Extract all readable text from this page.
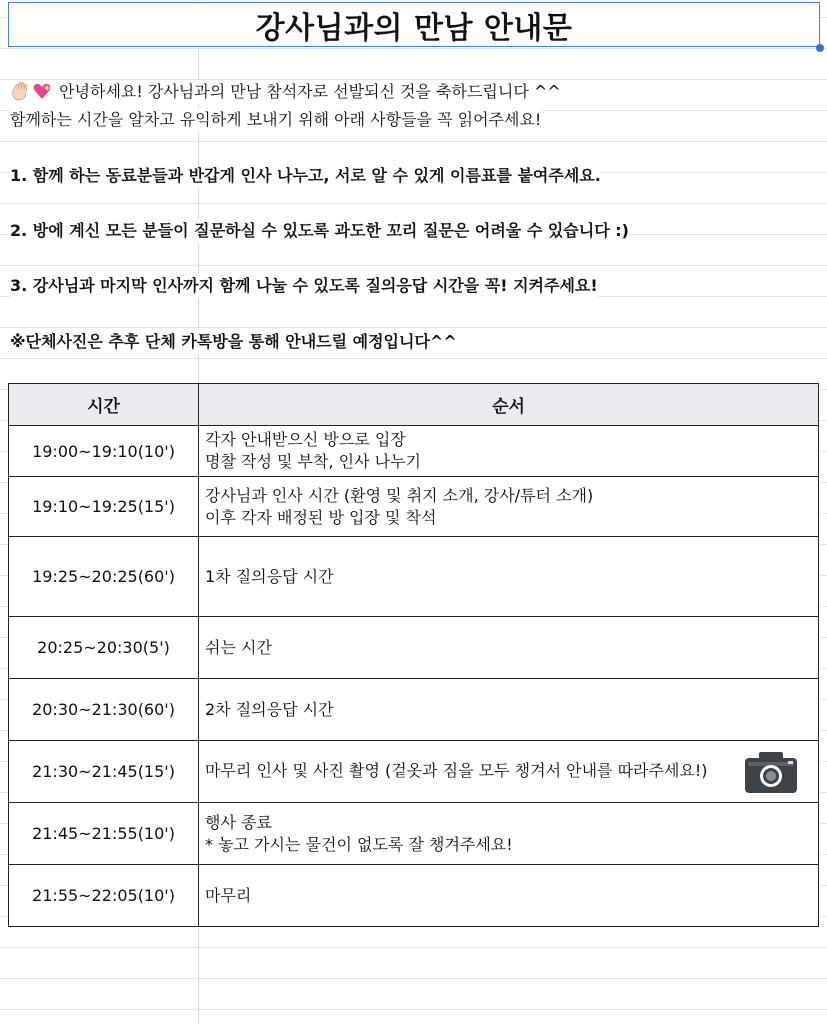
강사님과의 만남 안내문
안녕하세요! 강사님과의 만남 참석자로 선발되신 것을 축하드립니다 ^^
함께하는 시간을 알차고 유익하게 보내기 위해 아래 사항들을 꼭 읽어주세요!
1. 함께 하는 동료분들과 반갑게 인사 나누고, 서로 알 수 있게 이름표를 붙여주세요.
2. 방에 계신 모든 분들이 질문하실 수 있도록 과도한 꼬리 질문은 어려울 수 있습니다 :)
3. 강사님과 마지막 인사까지 함께 나눌 수 있도록 질의응답 시간을 꼭! 지켜주세요!
※단체사진은 추후 단체 카톡방을 통해 안내드릴 예정입니다^^
시간	순서
19:00~19:10(10')	각자 안내받으신 방으로 입장
명찰 작성 및 부착, 인사 나누기

19:10~19:25(15')	강사님과 인사 시간 (환영 및 취지 소개, 강사/튜터 소개)
이후 각자 배정된 방 입장 및 착석

19:25~20:25(60')	1차 질의응답 시간

20:25~20:30(5')	쉬는 시간

20:30~21:30(60')	2차 질의응답 시간

21:30~21:45(15')	마무리 인사 및 사진 촬영 (겉옷과 짐을 모두 챙겨서 안내를 따라주세요!)

21:45~21:55(10')	행사 종료
* 놓고 가시는 물건이 없도록 잘 챙겨주세요!

21:55~22:05(10')	마무리
